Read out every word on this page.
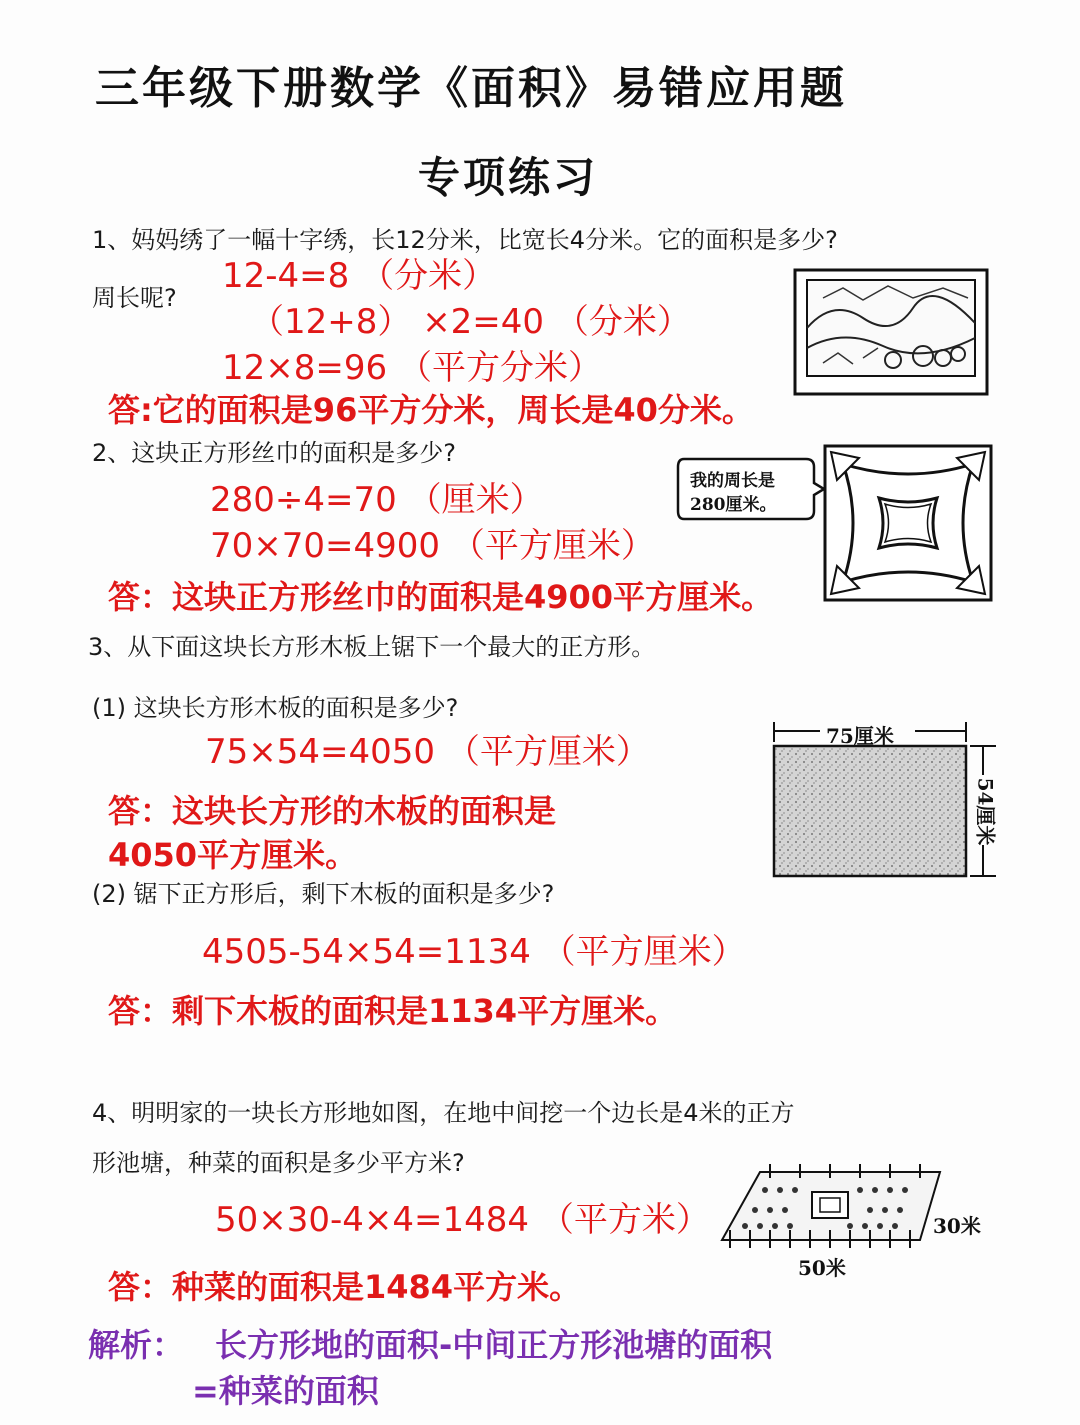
三年级下册数学《面积》易错应用题
专项练习
1、妈妈绣了一幅十字绣，长12分米，比宽长4分米。它的面积是多少?
周长呢?
12-4=8 （分米）
（12+8） ×2=40 （分米）
12×8=96 （平方分米）
答:它的面积是96平方分米，周长是40分米。
2、这块正方形丝巾的面积是多少?
280÷4=70 （厘米）
70×70=4900 （平方厘米）
答：这块正方形丝巾的面积是4900平方厘米。
我的周长是
280厘米。
3、从下面这块长方形木板上锯下一个最大的正方形。
(1) 这块长方形木板的面积是多少?
75×54=4050 （平方厘米）
答：这块长方形的木板的面积是
4050平方厘米。
(2) 锯下正方形后，剩下木板的面积是多少?
4505-54×54=1134 （平方厘米）
答：剩下木板的面积是1134平方厘米。
75厘米
54厘米
4、明明家的一块长方形地如图，在地中间挖一个边长是4米的正方
形池塘，种菜的面积是多少平方米?
50×30-4×4=1484 （平方米）
答：种菜的面积是1484平方米。
30米
50米
解析： 长方形地的面积-中间正方形池塘的面积
=种菜的面积
